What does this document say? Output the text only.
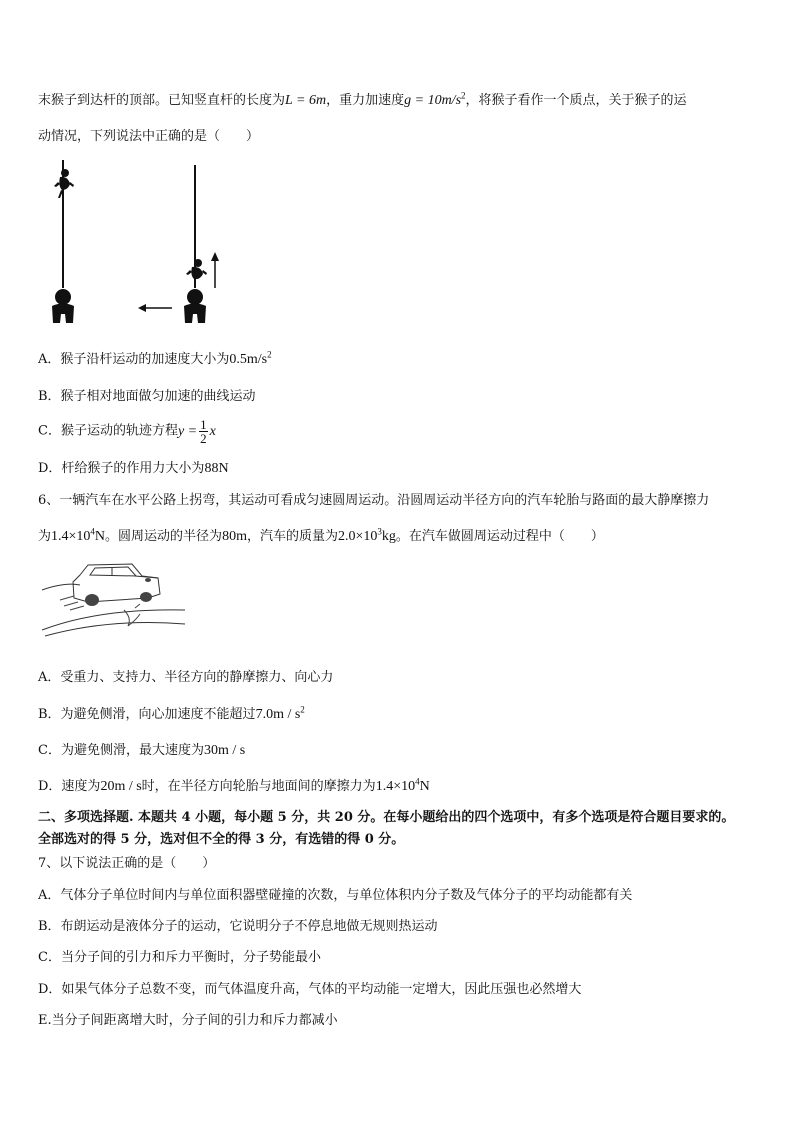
末猴子到达杆的顶部。已知竖直杆的长度为L = 6m，重力加速度$g = 10m/s^2$，将猴子看作一个质点，关于猴子的运
动情况，下列说法中正确的是（　　）
A．猴子沿杆运动的加速度大小为$0.5m/s^2$
B．猴子相对地面做匀加速的曲线运动
C．猴子运动的轨迹方程$y = \frac{1}{2}$ x
D．杆给猴子的作用力大小为88N
6、一辆汽车在水平公路上拐弯，其运动可看成匀速圆周运动。沿圆周运动半径方向的汽车轮胎与路面的最大静摩擦力
为$1.4\times 10^4N$。圆周运动的半径为80m，汽车的质量为$2.0\times 10^3kg$。在汽车做圆周运动过程中（　　）
A．受重力、支持力、半径方向的静摩擦力、向心力
B．为避免侧滑，向心加速度不能超过$7.0m / s^2$
C．为避免侧滑，最大速度为30m / s
D．速度为20m / s时，在半径方向轮胎与地面间的摩擦力为$1.4\times 10^4N$
二、多项选择题. 本题共 4 小题，每小题 5 分，共 20 分。在每小题给出的四个选项中，有多个选项是符合题目要求的。
全部选对的得 5 分，选对但不全的得 3 分，有选错的得 0 分。
7、以下说法正确的是（　　）
A．气体分子单位时间内与单位面积器壁碰撞的次数，与单位体积内分子数及气体分子的平均动能都有关
B．布朗运动是液体分子的运动，它说明分子不停息地做无规则热运动
C．当分子间的引力和斥力平衡时，分子势能最小
D．如果气体分子总数不变，而气体温度升高，气体的平均动能一定增大，因此压强也必然增大
E.当分子间距离增大时，分子间的引力和斥力都减小
